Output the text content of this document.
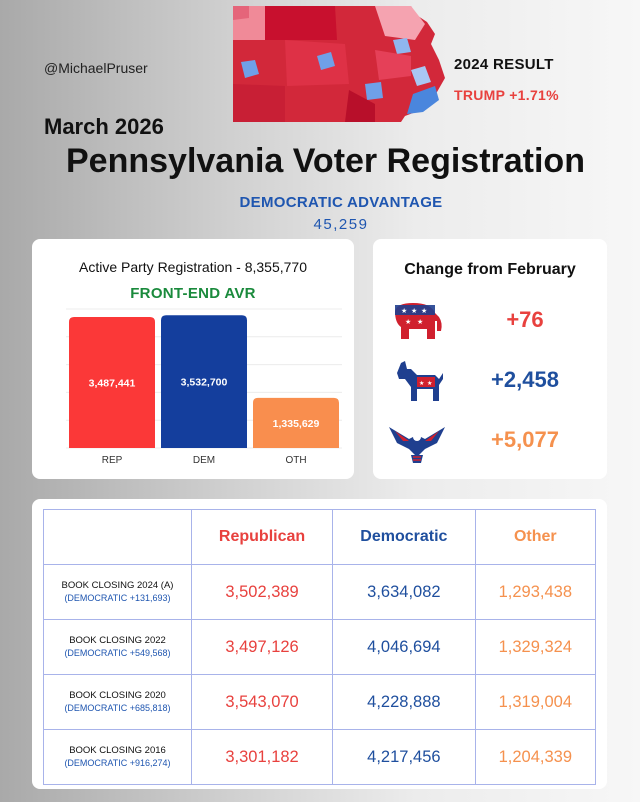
@MichaelPruser	2024 RESULT
TRUMP +1.71%
March 2026
Pennsylvania Voter Registration
DEMOCRATIC ADVANTAGE
45,259
Active Party Registration - 8,355,770
FRONT-END AVR
3,487,441
REP
3,532,700
DEM
1,335,629
OTH
Change from February
★ ★ ★
★ ★	+76
★ ★	+2,458
+5,077
	Republican	Democratic	Other
BOOK CLOSING 2024 (A)
(DEMOCRATIC +131,693)	3,502,389	3,634,082	1,293,438
BOOK CLOSING 2022
(DEMOCRATIC +549,568)	3,497,126	4,046,694	1,329,324
BOOK CLOSING 2020
(DEMOCRATIC +685,818)	3,543,070	4,228,888	1,319,004
BOOK CLOSING 2016
(DEMOCRATIC +916,274)	3,301,182	4,217,456	1,204,339
